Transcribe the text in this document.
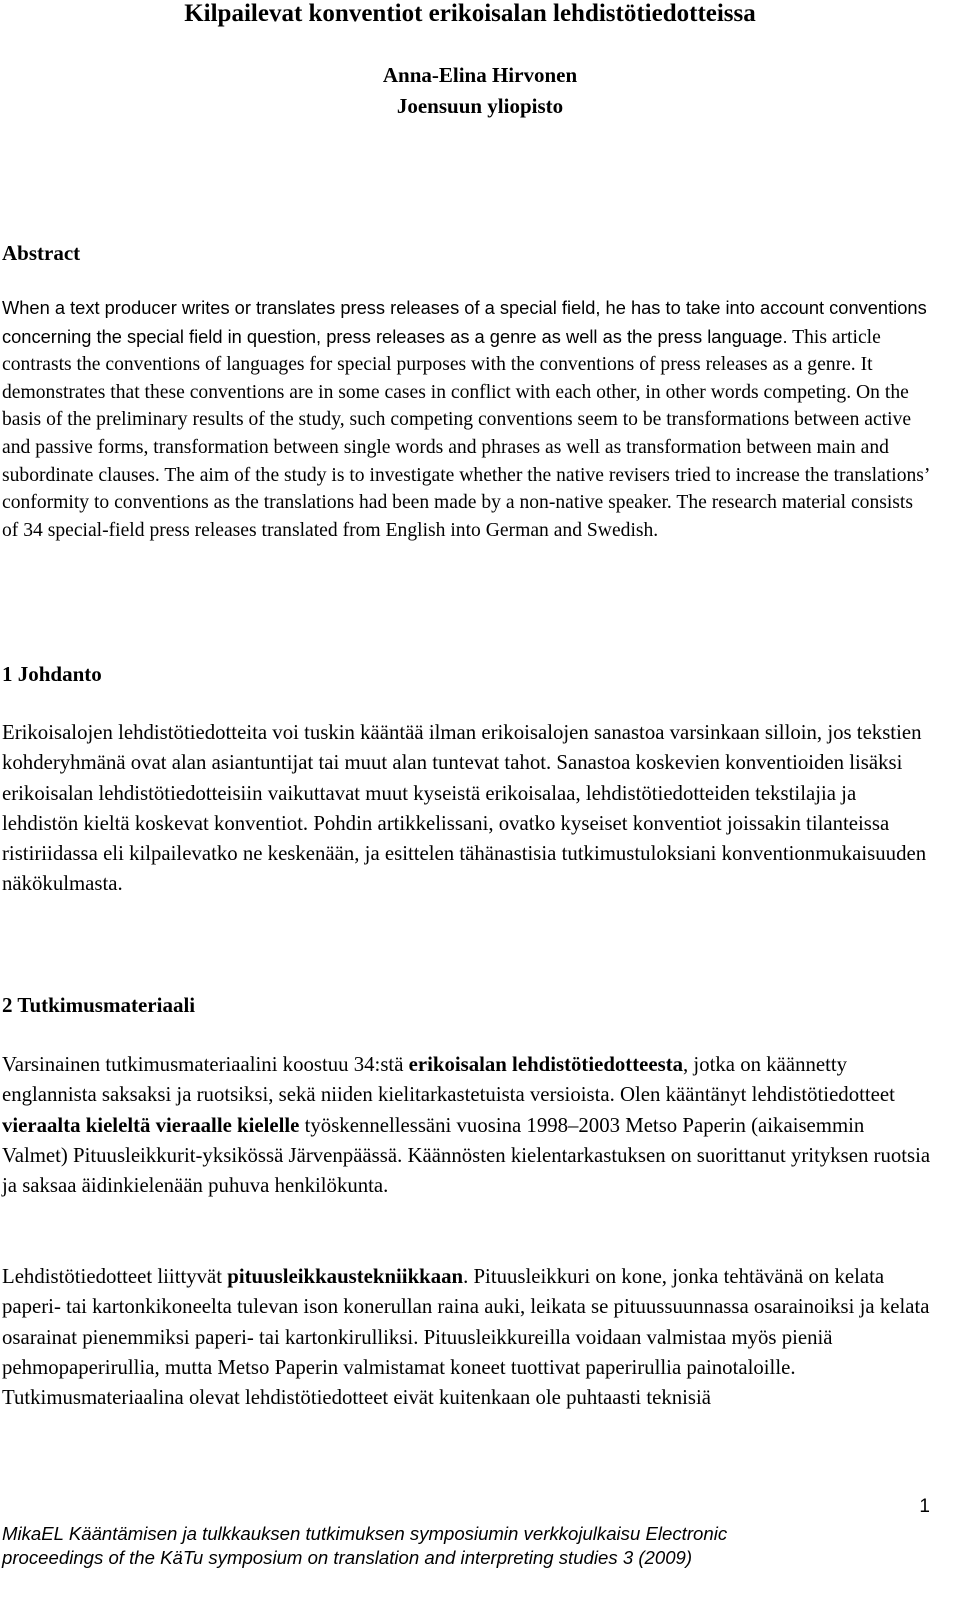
Kilpailevat konventiot erikoisalan lehdistötiedotteissa
Anna-Elina Hirvonen
Joensuun yliopisto
Abstract

When a text producer writes or translates press releases of a special field, he has to take into account conventions concerning the special field in question, press releases as a genre as well as the press language. This article contrasts the conventions of languages for special purposes with the conventions of press releases as a genre. It demonstrates that these conventions are in some cases in conflict with each other, in other words competing. On the basis of the preliminary results of the study, such competing conventions seem to be transformations between active and passive forms, transformation between single words and phrases as well as transformation between main and subordinate clauses. The aim of the study is to investigate whether the native revisers tried to increase the translations’ conformity to conventions as the translations had been made by a non-native speaker. The research material consists of 34 special-field press releases translated from English into German and Swedish.

1 Johdanto

Erikoisalojen lehdistötiedotteita voi tuskin kääntää ilman erikoisalojen sanastoa varsinkaan silloin, jos tekstien kohderyhmänä ovat alan asiantuntijat tai muut alan tuntevat tahot. Sanastoa koskevien konventioiden lisäksi erikoisalan lehdistötiedotteisiin vaikuttavat muut kyseistä erikoisalaa, lehdistötiedotteiden tekstilajia ja lehdistön kieltä koskevat konventiot. Pohdin artikkelissani, ovatko kyseiset konventiot joissakin tilanteissa ristiriidassa eli kilpailevatko ne keskenään, ja esittelen tähänastisia tutkimustuloksiani konventionmukaisuuden näkökulmasta.

2 Tutkimusmateriaali

Varsinainen tutkimusmateriaalini koostuu 34:stä erikoisalan lehdistötiedotteesta, jotka on käännetty englannista saksaksi ja ruotsiksi, sekä niiden kielitarkastetuista versioista. Olen kääntänyt lehdistötiedotteet vieraalta kieleltä vieraalle kielelle työskennellessäni vuosina 1998–2003 Metso Paperin (aikaisemmin Valmet) Pituusleikkurit-yksikössä Järvenpäässä. Käännösten kielentarkastuksen on suorittanut yrityksen ruotsia ja saksaa äidinkielenään puhuva henkilökunta.

Lehdistötiedotteet liittyvät pituusleikkaustekniikkaan. Pituusleikkuri on kone, jonka tehtävänä on kelata paperi- tai kartonkikoneelta tulevan ison konerullan raina auki, leikata se pituussuunnassa osarainoiksi ja kelata osarainat pienemmiksi paperi- tai kartonkirulliksi. Pituusleikkureilla voidaan valmistaa myös pieniä pehmopaperirullia, mutta Metso Paperin valmistamat koneet tuottivat paperirullia painotaloille. Tutkimusmateriaalina olevat lehdistötiedotteet eivät kuitenkaan ole puhtaasti teknisiä

1
MikaEL Kääntämisen ja tulkkauksen tutkimuksen symposiumin verkkojulkaisu Electronic
proceedings of the KäTu symposium on translation and interpreting studies 3 (2009)
